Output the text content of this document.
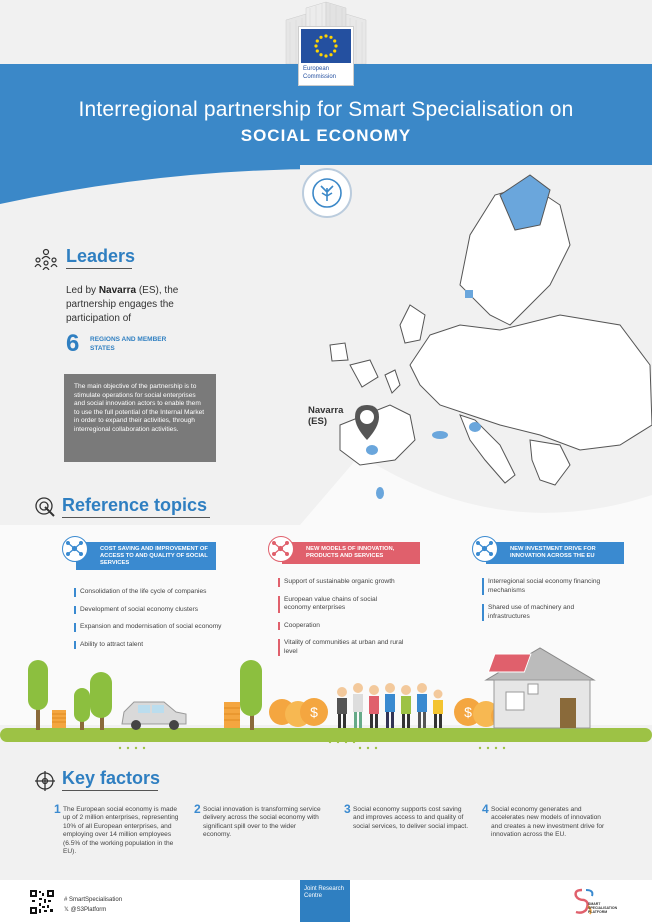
European Commission
Interregional partnership for Smart Specialisation on
SOCIAL ECONOMY
Leaders
Led by Navarra (ES), the partnership engages the participation of
6 REGIONS AND MEMBER STATES
The main objective of the partnership is to stimulate operations for social enterprises and social innovation actors to enable them to use the full potential of the Internal Market in order to expand their activities, through interregional collaboration activities.
Navarra (ES)
Reference topics
COST SAVING AND IMPROVEMENT OF ACCESS TO AND QUALITY OF SOCIAL SERVICES
Consolidation of the life cycle of companies
Development of social economy clusters
Expansion and modernisation of social economy
Ability to attract talent
NEW MODELS OF INNOVATION, PRODUCTS AND SERVICES
Support of sustainable organic growth
European value chains of social economy enterprises
Cooperation
Vitality of communities at urban and rural level
NEW INVESTMENT DRIVE FOR INNOVATION ACROSS THE EU
Interregional social economy financing mechanisms
Shared use of machinery and infrastructures
$	$
Key factors
1 The European social economy is made up of 2 million enterprises, representing 10% of all European enterprises, and employing over 14 million employees (6.5% of the working population in the EU).
2 Social innovation is transforming service delivery across the social economy with significant spill over to the wider economy.
3 Social economy supports cost saving and improves access to and quality of social services, to deliver social impact.
4 Social economy generates and accelerates new models of innovation and creates a new investment drive for innovation across the EU.
# SmartSpecialisation
𝕏 @S3Platform
Joint Research Centre
SMART SPECIALISATION PLATFORM
